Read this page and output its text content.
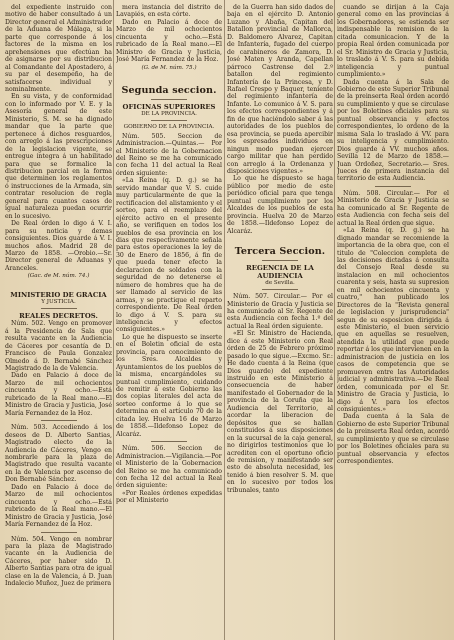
del expediente instruido con motivo de haber consultado á un Director general el Administrador de la Aduana de Málaga, si la parte que corresponde á los factores de la misma en los aprehensiones que efectúan ha de asignarse por su distribucion al Comandante del Apostadero, á su par el desempeño, ha de satisfacerse individual y nominalmente.

En su vista, y de conformidad con lo informado por V. E. y la Asesoría general de este Ministerio, S. M. se ha dignado mandar que la parte que pertenece á dichos resguardos, con arreglo á las prescripciones de la legislacion vigente, se entregue integra á un habilitado para que se formalice la distribucion parcial en la forma que determinen los reglamentos ó instrucciones de la Armada, sin contratar resolucion de regla general para cuantos casos de igual naturaleza puedan ocurrir en lo sucesivo.

De Real órden lo digo á V. I. para su noticia y demas consiguientes. Dios guarde á V. I. muchos años. Madrid 28 de Marzo de 1858. —Orobio.—Sr. Director general de Aduanas y Aranceles.

(Gac. de M. núm. 74.)
MINISTERIO DE GRACIA
Y JUSTICIA.
REALES DECRETOS.

Núm. 502. Vengo en promover á la Presidencia de Sala que resulta vacante en la Audiencia de Cáceres por cesantía de D. Francisco de Paula Gonzalez Olmedo á D. Bernabé Sánchez Magistrado de la de Valencia.

Dado en Palacio á doce de Marzo de mil ochocientos cincuenta y ocho.—Está rubricado de la Real mano.—El Ministro de Gracia y Justicia, José María Fernandez de la Hoz.

Núm. 503. Accediendo á los deseos de D. Alberto Santias, Magistrado electo de la Audiencia de Cáceres, Vengo en nombrarle para la plaza de Magistrado que resulta vacante en la de Valencia por ascenso de Don Bernabé Sánchez.

Dado en Palacio á doce de Marzo de mil ochocientos cincuenta y ocho.—Está rubricado de la Real mano.—El Ministro de Gracia y Justicia, José María Fernandez de la Hoz.

Núm. 504. Vengo en nombrar para la plaza de Magistrado vacante en la Audiencia de Cáceres, por haber sido D. Alberto Santias para otra de igual clase en la de Valencia, á D. Juan Indalecio Muñoz, Juez de primera

mera instancia del distrito de Lavapiés, en esta córte.

Dado en Palacio á doce de Marzo de mil ochocientos cincuenta y ocho.—Está rubricado de la Real mano.—El Ministro de Gracia y Justicia, José María Fernandez de la Hoz.

(G. de M. núm. 75.)
Segunda seccion.
OFICINAS SUPERIORES
DE LA PROVINCIA.
GOBIERNO DE LA PROVINCIA.

Núm. 505. Seccion de Administracion.—Quintas.— Por el Ministerio de la Gobernacion del Reino se me ha comunicado con fecha 11 del actual la Real órden siguiente:

«La Reina (q. D. g.) se ha servido mandar que V. S. cuide muy particularmente de que la rectificacion del alistamiento y el sorteo, para el reemplazo del ejército activo en el presente año, se verifiquen en todos los pueblos de esa provincia en los dias que respectivamente señala para estos operaciones la ley de 30 de Enero de 1856, á fin de que pueda tener efecto la declaracion de soldados con la seguridad de no detenerse el número de hombres que ha de ser llamado al servicio de las armas, y se practique el reparto correspondiente. De Real órden lo digo á V. S. para su inteligencia y efectos consiguientes.»

Lo que he dispuesto se inserte en el Boletin oficial de esta provincia, para conocimiento de los Sres. Alcaldes y Ayuntamientos de los pueblos de la misma, encargándoles su puntual cumplimiento, cuidando de remitir á este Gobierno las dos copias literales del acta de sorteo conforme á lo que se determina en el artículo 70 de la citada ley. Huelva 16 de Marzo de 1858.—Ildefonso Lopez de Alcaráz.

Núm. 506. Seccion de Administracion.—Vigilancia.—Por el Ministerio de la Gobernacion del Reino se me ha comunicado con fecha 12 del actual la Real órden siguiente:

«Por Reales órdenes expedidas por el Ministerio

de la Guerra han sido dados de baja en el ejército D. Antonio Luzano y Abaña, Capitan del Batallon provincial de Mallorca, D. Baldomero Alvarez, Capitan de Infantería, fugado del cuerpo de carabineros de Zamora, D. José Maten y Aranda, Capellan párroco Castrense del 2.º batallon del regimiento Infantería de la Princesa, y D. Rafael Crespo y Baquer, teniente del regimiento infantería de Infante. Lo comunico á V. S. para los efectos correspondientes y á fin de que haciéndolo saber á las autoridades de los pueblos de esa provincia, se pueda apercibir los espresados individuos en ningun modo puedan ejercer cargo militar que han perdido con arreglo á la Ordenanza y disposiciones vigentes.»

Lo que he dispuesto se haga público por medio de este periódico oficial para que tenga puntual cumplimiento por los Alcaldes de los pueblos de esta provincia. Huelva 20 de Marzo de 1858.—Ildefonso Lopez de Alcaráz.

Tercera Seccion.
REGENCIA DE LA AUDIENCIA
de Sevilla.

Núm. 507. Circular.— Por el Ministerio de Gracia y Justicia se ha comunicado al Sr. Regente de esta Audiencia con fecha 1.º del actual la Real órden siguiente.

«El Sr. Ministro de Hacienda, dice á este Ministerio con Real órden de 25 de Febrero próximo pasado lo que sigue.—Excmo. Sr.: He dado cuenta á la Reina (que Dios guarde) del expediente instruido en este Ministerio á consecuencia de haber manifestado el Gobernador de la provincia de la Coruña que la Audiencia del Territorio, al acordar la liberacion de depósitos que se hallan constituidos á sus disposiciones en la sucursal de la caja general, no dirigirlos testimonios que lo acrediten con el oportuno oficio de remision, y manifestando ser esto de absoluta necesidad, les tenido á bien resolver S. M. que en lo sucesivo por todos los tribunales, tanto

cuando se dirijan á la Caja general como en las provincias á los Gobernadores, se estienda ser indispensable la remision de la citada comunicacion. Y de la propia Real órden comunicada por el Sr. Ministro de Gracia y Justicia, lo traslado á V. S. para su debida inteligencia y puntual cumplimiento.»

Dada cuenta á la Sala de Gobierno de este Superior Tribunal de la preinserta Real órden acordó su cumplimiento y que se circulase por los Boletines oficiales para su puntual observancia y efectos correspondientes, lo ordeno de la misma Sala lo traslado á VV. para su inteligencia y cumplimiento. Dios guarde á VV. muchos años. Sevilla 12 de Marzo de 1858.— Juan Ordoñez, Secretario.— Sres. Jueces de primera instancia del territorio de esta Audiencia.

Núm. 508. Circular.— Por el Ministerio de Gracia y Justicia se ha comunicado al Sr. Regente de esta Audiencia con fecha seis del actual la Real órden que sigue.

«La Reina (q. D. g.) se ha dignado mandar se recomiende la importancia de la obra que, con el titulo de "Coleccion completa de las decisiones dictadas á consulta del Consejo Real desde su instalacion en mil ochocientos cuarenta y seis, hasta su supresion en mil ochocientos cincuenta y cuatro," han publicado los Directores de la "Revista general de legislacion y jurisprudencia" segun de su esposicion dirigida á este Ministerio, el buen servicio que en aquellas se resuelven, atendida la utilidad que puede reportar á los que intervienen en la administracion de justicia en los casos de competencia que se promueven entre las Autoridades judicial y administrativa.—De Real órden, comunicada por el Sr. Ministro de Gracia y Justicia, lo digo á V. para los efectos consiguientes.»

Dada cuenta á la Sala de Gobierno de este Superior Tribunal de la preinserta Real órden, acordó su cumplimiento y que se circulase por los Boletines oficiales para su puntual observancia y efectos correspondientes.
